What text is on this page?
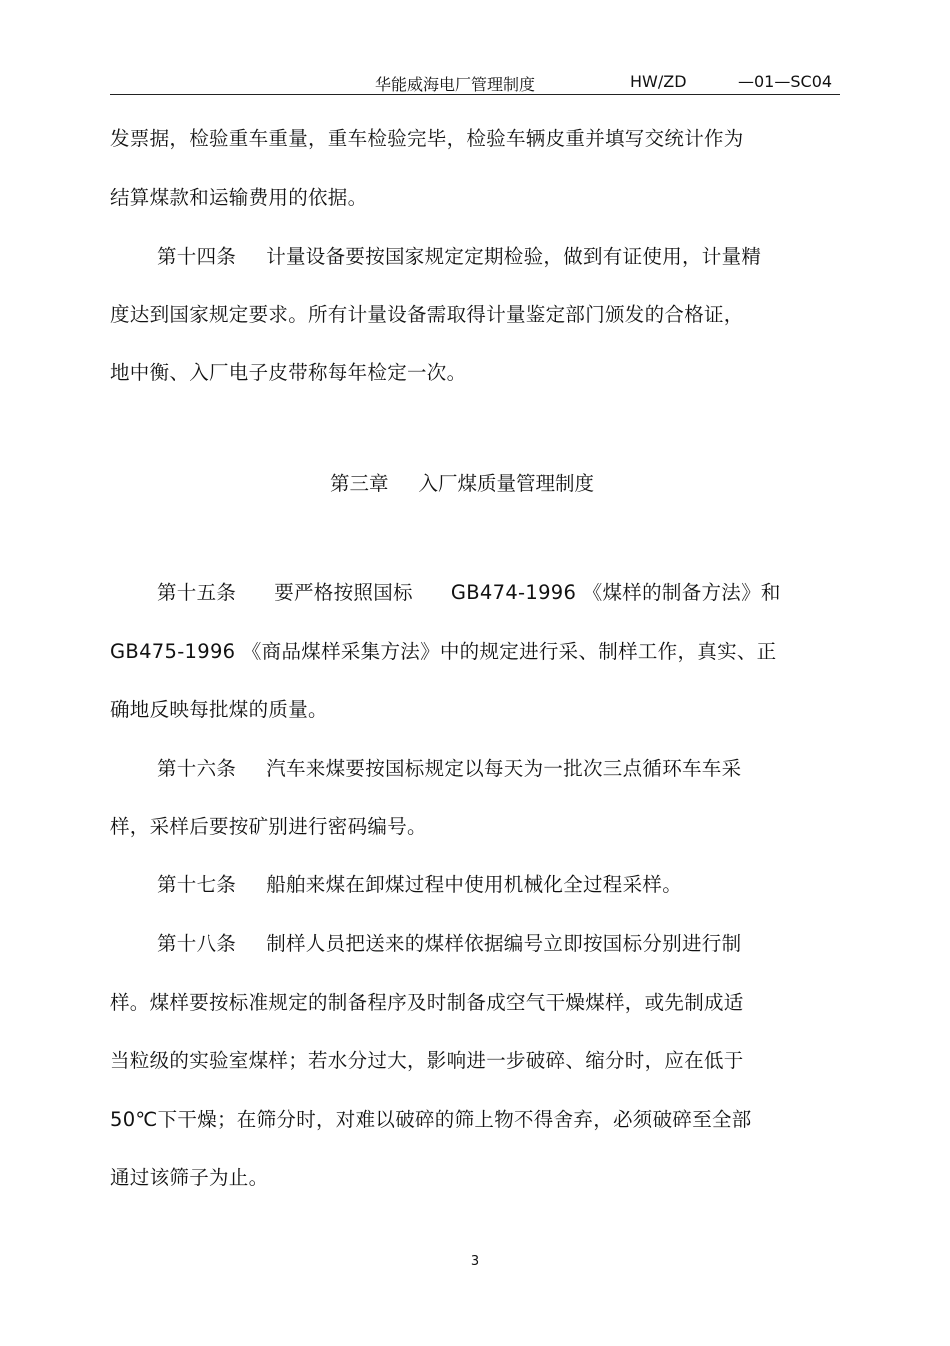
华能威海电厂管理制度	HW/ZD	—01—SC04
发票据，检验重车重量，重车检验完毕，检验车辆皮重并填写交统计作为
结算煤款和运输费用的依据。
第十四条 计量设备要按国家规定定期检验，做到有证使用，计量精
度达到国家规定要求。所有计量设备需取得计量鉴定部门颁发的合格证，
地中衡、入厂电子皮带称每年检定一次。
第三章 入厂煤质量管理制度
第十五条 要严格按照国标 GB474-1996 《煤样的制备方法》和
GB475-1996 《商品煤样采集方法》中的规定进行采、制样工作，真实、正
确地反映每批煤的质量。
第十六条 汽车来煤要按国标规定以每天为一批次三点循环车车采
样，采样后要按矿别进行密码编号。
第十七条 船舶来煤在卸煤过程中使用机械化全过程采样。
第十八条 制样人员把送来的煤样依据编号立即按国标分别进行制
样。煤样要按标准规定的制备程序及时制备成空气干燥煤样，或先制成适
当粒级的实验室煤样；若水分过大，影响进一步破碎、缩分时，应在低于
50℃下干燥；在筛分时，对难以破碎的筛上物不得舍弃，必须破碎至全部
通过该筛子为止。
3
